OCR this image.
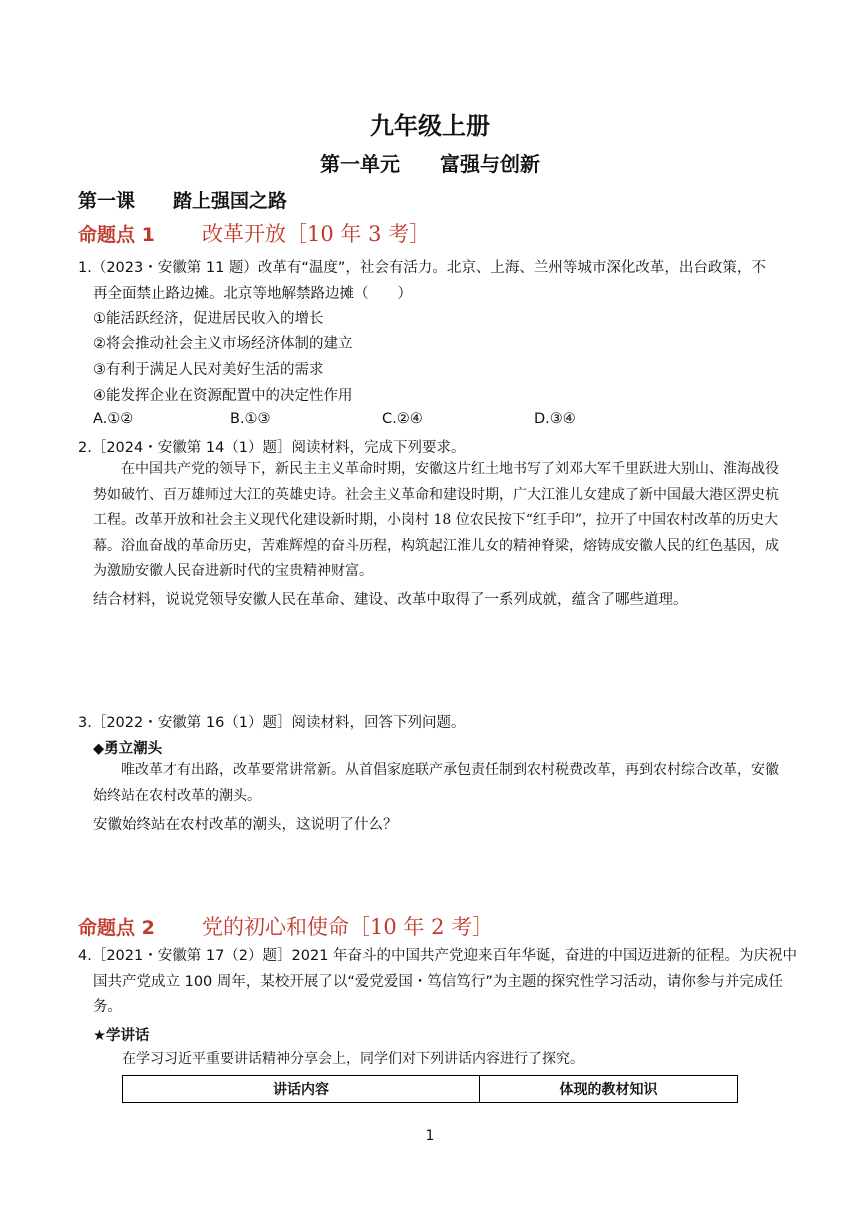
九年级上册
第一单元　　富强与创新
第一课　　踏上强国之路
命题点 1 改革开放［10 年 3 考］
1.（2023・安徽第 11 题）改革有“温度”，社会有活力。北京、上海、兰州等城市深化改革，出台政策，不
再全面禁止路边摊。北京等地解禁路边摊（　　）
①能活跃经济，促进居民收入的增长
②将会推动社会主义市场经济体制的建立
③有利于满足人民对美好生活的需求
④能发挥企业在资源配置中的决定性作用
A.①②	B.①③	C.②④	D.③④
2.［2024・安徽第 14（1）题］阅读材料，完成下列要求。
在中国共产党的领导下，新民主主义革命时期，安徽这片红土地书写了刘邓大军千里跃进大别山、淮海战役势如破竹、百万雄师过大江的英雄史诗。社会主义革命和建设时期，广大江淮儿女建成了新中国最大港区淠史杭工程。改革开放和社会主义现代化建设新时期，小岗村 18 位农民按下“红手印”，拉开了中国农村改革的历史大幕。浴血奋战的革命历史，苦难辉煌的奋斗历程，构筑起江淮儿女的精神脊梁，熔铸成安徽人民的红色基因，成为激励安徽人民奋进新时代的宝贵精神财富。
结合材料，说说党领导安徽人民在革命、建设、改革中取得了一系列成就，蕴含了哪些道理。
3.［2022・安徽第 16（1）题］阅读材料，回答下列问题。
◆勇立潮头
唯改革才有出路，改革要常讲常新。从首倡家庭联产承包责任制到农村税费改革，再到农村综合改革，安徽始终站在农村改革的潮头。
安徽始终站在农村改革的潮头，这说明了什么？
命题点 2 党的初心和使命［10 年 2 考］
4.［2021・安徽第 17（2）题］2021 年奋斗的中国共产党迎来百年华诞，奋进的中国迈进新的征程。为庆祝中国共产党成立 100 周年，某校开展了以“爱党爱国・笃信笃行”为主题的探究性学习活动，请你参与并完成任务。
★学讲话
在学习习近平重要讲话精神分享会上，同学们对下列讲话内容进行了探究。
讲话内容	体现的教材知识
1
